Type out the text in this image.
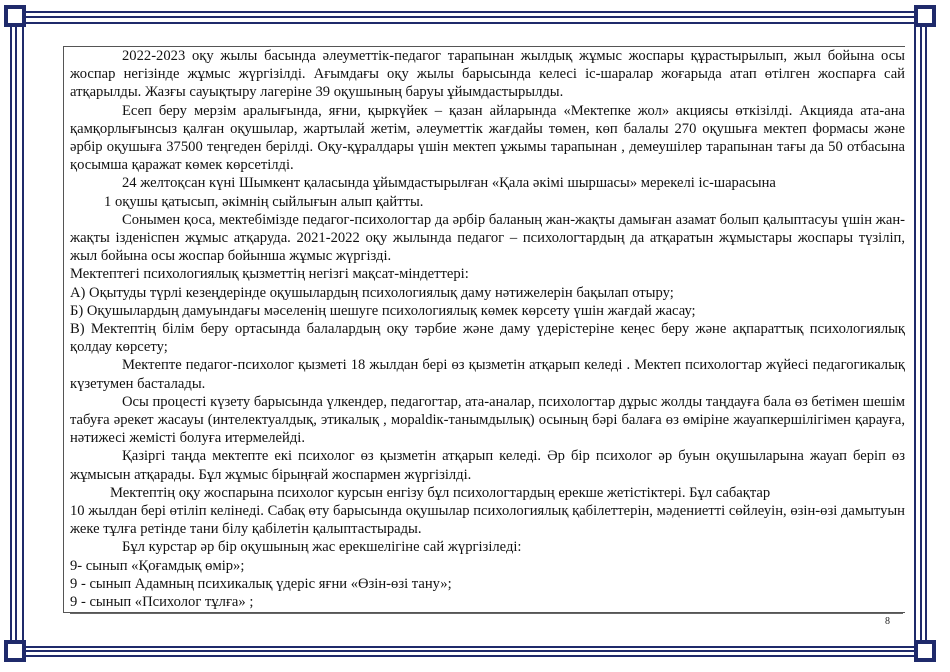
2022-2023 оқу жылы басында әлеуметтік-педагог тарапынан жылдық жұмыс жоспары құрастырылып, жыл бойына осы жоспар негізінде жұмыс жүргізілді. Ағымдағы оқу жылы барысында келесі іс-шаралар жоғарыда атап өтілген жоспарға сай атқарылды. Жазғы сауықтыру лагеріне 39 оқушының баруы ұйымдастырылды.

Есеп беру мерзім аралығында, яғни, қыркүйек – қазан айларында «Мектепке жол» акциясы өткізілді. Акцияда ата-ана қамқорлығынсыз қалған оқушылар, жартылай жетім, әлеуметтік жағдайы төмен, көп балалы 270 оқушыға мектеп формасы және әрбір оқушыға 37500 теңгеден берілді. Оқу-құралдары үшін мектеп ұжымы тарапынан , демеушілер тарапынан тағы да 50 отбасына қосымша қаражат көмек көрсетілді.

24 желтоқсан күні Шымкент қаласында ұйымдастырылған «Қала әкімі шыршасы» мерекелі іс-шарасына

1 оқушы қатысып, әкімнің сыйлығын алып қайтты.

Сонымен қоса, мектебімізде педагог-психологтар да әрбір баланың жан-жақты дамыған азамат болып қалыптасуы үшін жан-жақты ізденіспен жұмыс атқаруда. 2021-2022 оқу жылында педагог – психологтардың да атқаратын жұмыстары жоспары түзіліп, жыл бойына осы жоспар бойынша жұмыс жүргізді.

Мектептегі психологиялық қызметтің негізгі мақсат-міндеттері:

А) Оқытуды түрлі кезеңдерінде оқушылардың психологиялық даму нәтижелерін бақылап отыру;

Б) Оқушылардың дамуындағы мәселенің шешуге психологиялық көмек көрсету үшін жағдай жасау;

В) Мектептің білім беру ортасында балалардың оқу тәрбие және даму үдерістеріне кеңес беру және ақпараттық психологиялық қолдау көрсету;

Мектепте педагог-психолог қызметі 18 жылдан бері өз қызметін атқарып келеді . Мектеп психологтар жүйесі педагогикалық күзетумен басталады.

Осы процесті күзету барысында үлкендер, педагогтар, ата-аналар, психологтар дұрыс жолды таңдауға бала өз бетімен шешім табуға әрекет жасауы (интелектуалдық, этикалық , мораldік-танымдылық) осының бәрі балаға өз өміріне жауапкершілігімен қарауға, нәтижесі жемісті болуға итермелейді.

Қазіргі таңда мектепте екі психолог өз қызметін атқарып келеді. Әр бір психолог әр буын оқушыларына жауап беріп өз жұмысын атқарады. Бұл жұмыс бірыңғай жоспармен жүргізілді.

Мектептің оқу жоспарына психолог курсын енгізу бұл психологтардың ерекше жетістіктері. Бұл сабақтар

10 жылдан бері өтіліп келінеді. Сабақ өту барысында оқушылар психологиялық қабілеттерін, мәдениетті сөйлеуін, өзін-өзі дамытуын жеке тұлға ретінде тани білу қабілетін қалыптастырады.

Бұл курстар әр бір оқушының жас ерекшелігіне сай жүргізіледі:

9- сынып «Қоғамдық өмір»;

9 - сынып Адамның психикалық үдеріс яғни «Өзін-өзі тану»;

9 - сынып «Психолог тұлға» ;

8
